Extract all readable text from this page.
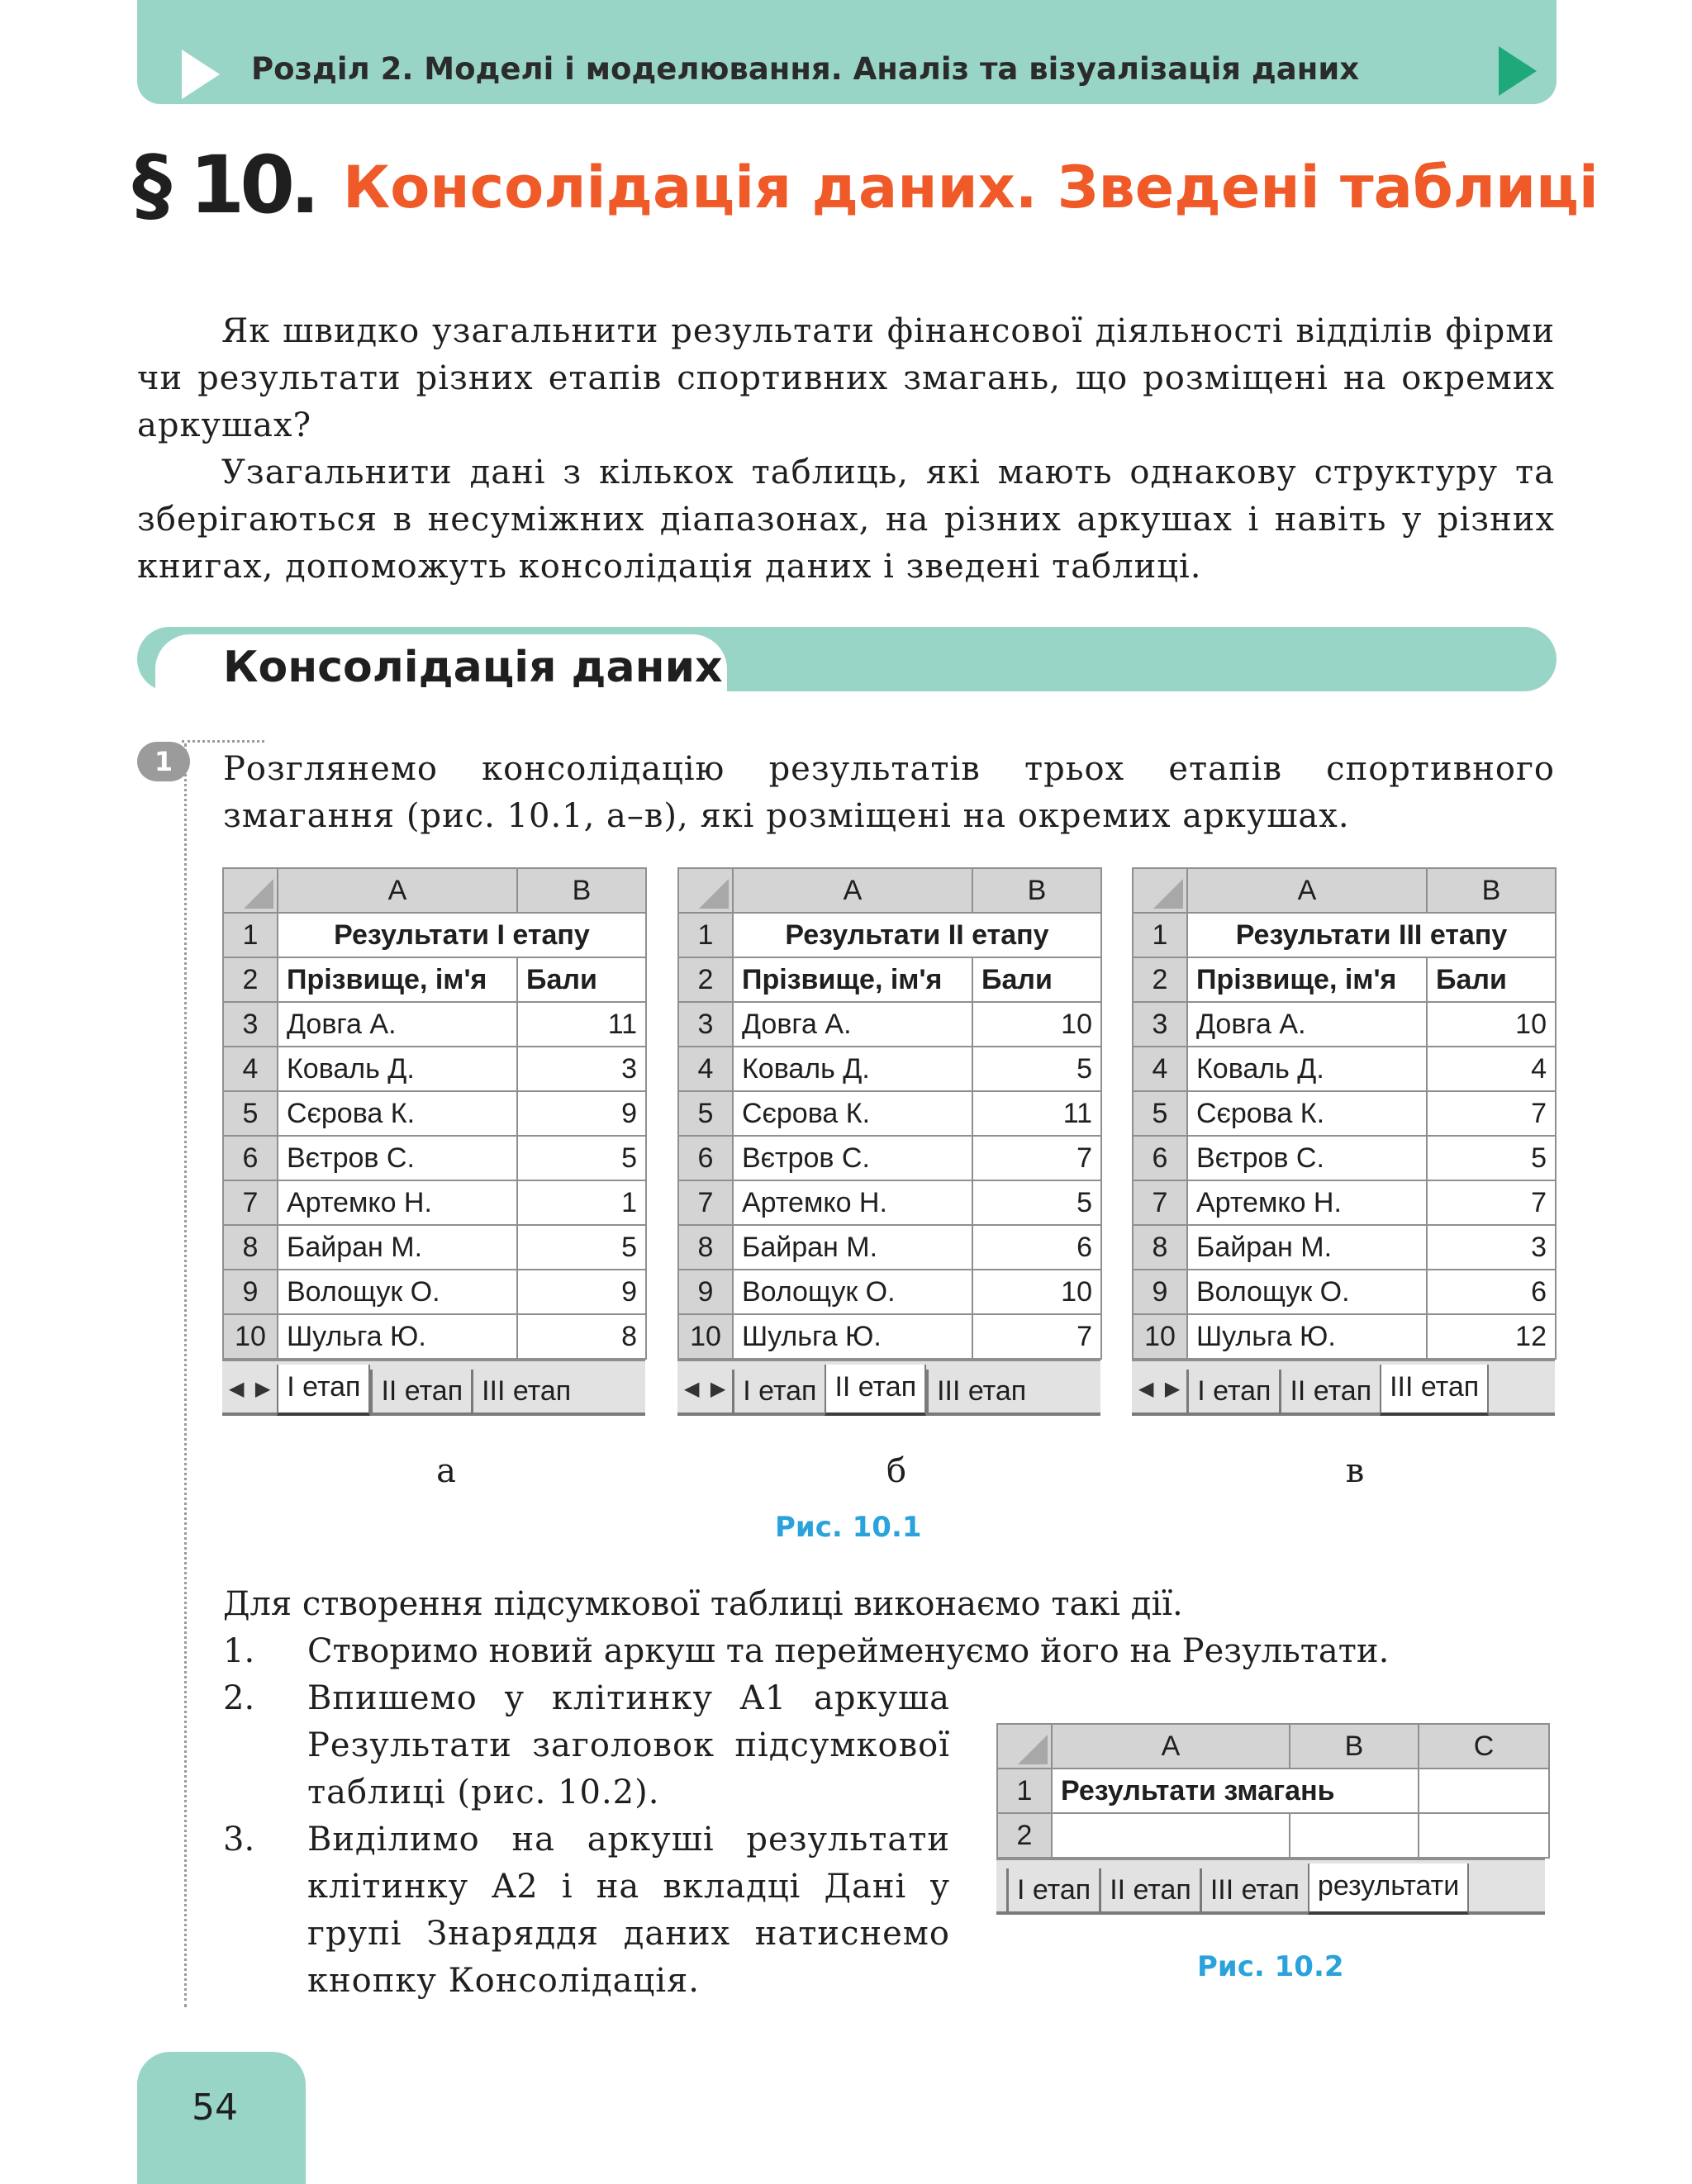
Розділ 2. Моделі і моделювання. Аналіз та візуалізація даних
§ 10. Консолідація даних. Зведені таблиці
Як швидко узагальнити результати фінансової діяльності відділів фірми чи результати різних етапів спортивних змагань, що розміщені на окремих аркушах?
Узагальнити дані з кількох таблиць, які мають однакову структуру та зберігаються в несуміжних діапазонах, на різних аркушах і навіть у різних книгах, допоможуть консолідація даних і зведені таблиці.
Консолідація даних
1	Розглянемо консолідацію результатів трьох етапів спортивного змагання (рис. 10.1, а–в), які розміщені на окремих аркушах.
	A	B
1	Результати I етапу	
2	Прізвище, ім'я	Бали
3	Довга А.	11
4	Коваль Д.	3
5	Сєрова К.	9
6	Вєтров С.	5
7	Артемко Н.	1
8	Байран М.	5
9	Волощук О.	9
10	Шульга Ю.	8
◀
▶ I етап II етап III етап
	A	B
1	Результати II етапу	
2	Прізвище, ім'я	Бали
3	Довга А.	10
4	Коваль Д.	5
5	Сєрова К.	11
6	Вєтров С.	7
7	Артемко Н.	5
8	Байран М.	6
9	Волощук О.	10
10	Шульга Ю.	7
◀
▶ I етап II етап III етап
	A	B
1	Результати III етапу	
2	Прізвище, ім'я	Бали
3	Довга А.	10
4	Коваль Д.	4
5	Сєрова К.	7
6	Вєтров С.	5
7	Артемко Н.	7
8	Байран М.	3
9	Волощук О.	6
10	Шульга Ю.	12
◀
▶ I етап II етап III етап
а	б	в
Рис. 10.1
Для створення підсумкової таблиці виконаємо такі дії.
1. Створимо новий аркуш та перейменуємо його на Результати.
2. Впишемо у клітинку A1 аркуша Результати заголовок підсумкової таблиці (рис. 10.2).
3. Виділимо на аркуші результати клітинку A2 і на вкладці Дані у групі Знаряддя даних натиснемо кнопку Консолідація.
	A	B	C
1	Результати змагань		
2			
I етап II етап III етап результати
Рис. 10.2
54
